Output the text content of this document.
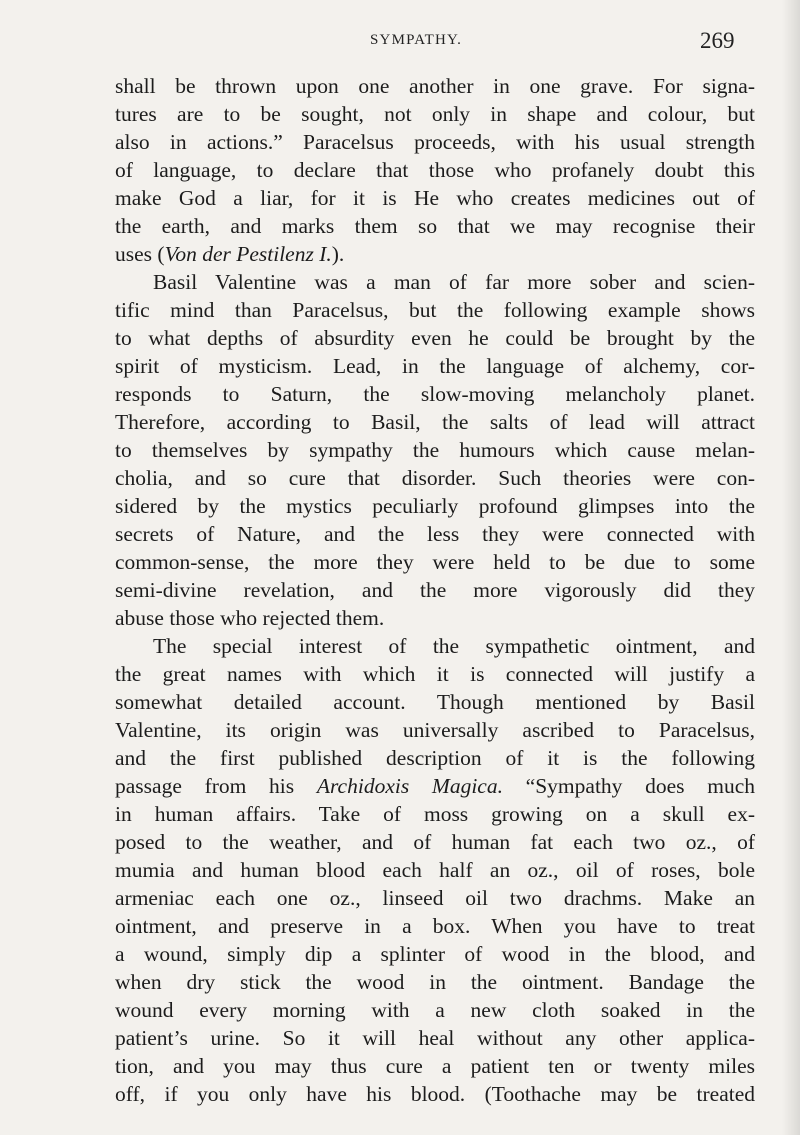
SYMPATHY.	269
shall be thrown upon one another in one grave. For signa-
tures are to be sought, not only in shape and colour, but
also in actions.” Paracelsus proceeds, with his usual strength
of language, to declare that those who profanely doubt this
make God a liar, for it is He who creates medicines out of
the earth, and marks them so that we may recognise their
uses (Von der Pestilenz I.).
Basil Valentine was a man of far more sober and scien-
tific mind than Paracelsus, but the following example shows
to what depths of absurdity even he could be brought by the
spirit of mysticism. Lead, in the language of alchemy, cor-
responds to Saturn, the slow-moving melancholy planet.
Therefore, according to Basil, the salts of lead will attract
to themselves by sympathy the humours which cause melan-
cholia, and so cure that disorder. Such theories were con-
sidered by the mystics peculiarly profound glimpses into the
secrets of Nature, and the less they were connected with
common-sense, the more they were held to be due to some
semi-divine revelation, and the more vigorously did they
abuse those who rejected them.
The special interest of the sympathetic ointment, and
the great names with which it is connected will justify a
somewhat detailed account. Though mentioned by Basil
Valentine, its origin was universally ascribed to Paracelsus,
and the first published description of it is the following
passage from his Archidoxis Magica. “Sympathy does much
in human affairs. Take of moss growing on a skull ex-
posed to the weather, and of human fat each two oz., of
mumia and human blood each half an oz., oil of roses, bole
armeniac each one oz., linseed oil two drachms. Make an
ointment, and preserve in a box. When you have to treat
a wound, simply dip a splinter of wood in the blood, and
when dry stick the wood in the ointment. Bandage the
wound every morning with a new cloth soaked in the
patient’s urine. So it will heal without any other applica-
tion, and you may thus cure a patient ten or twenty miles
off, if you only have his blood. (Toothache may be treated
